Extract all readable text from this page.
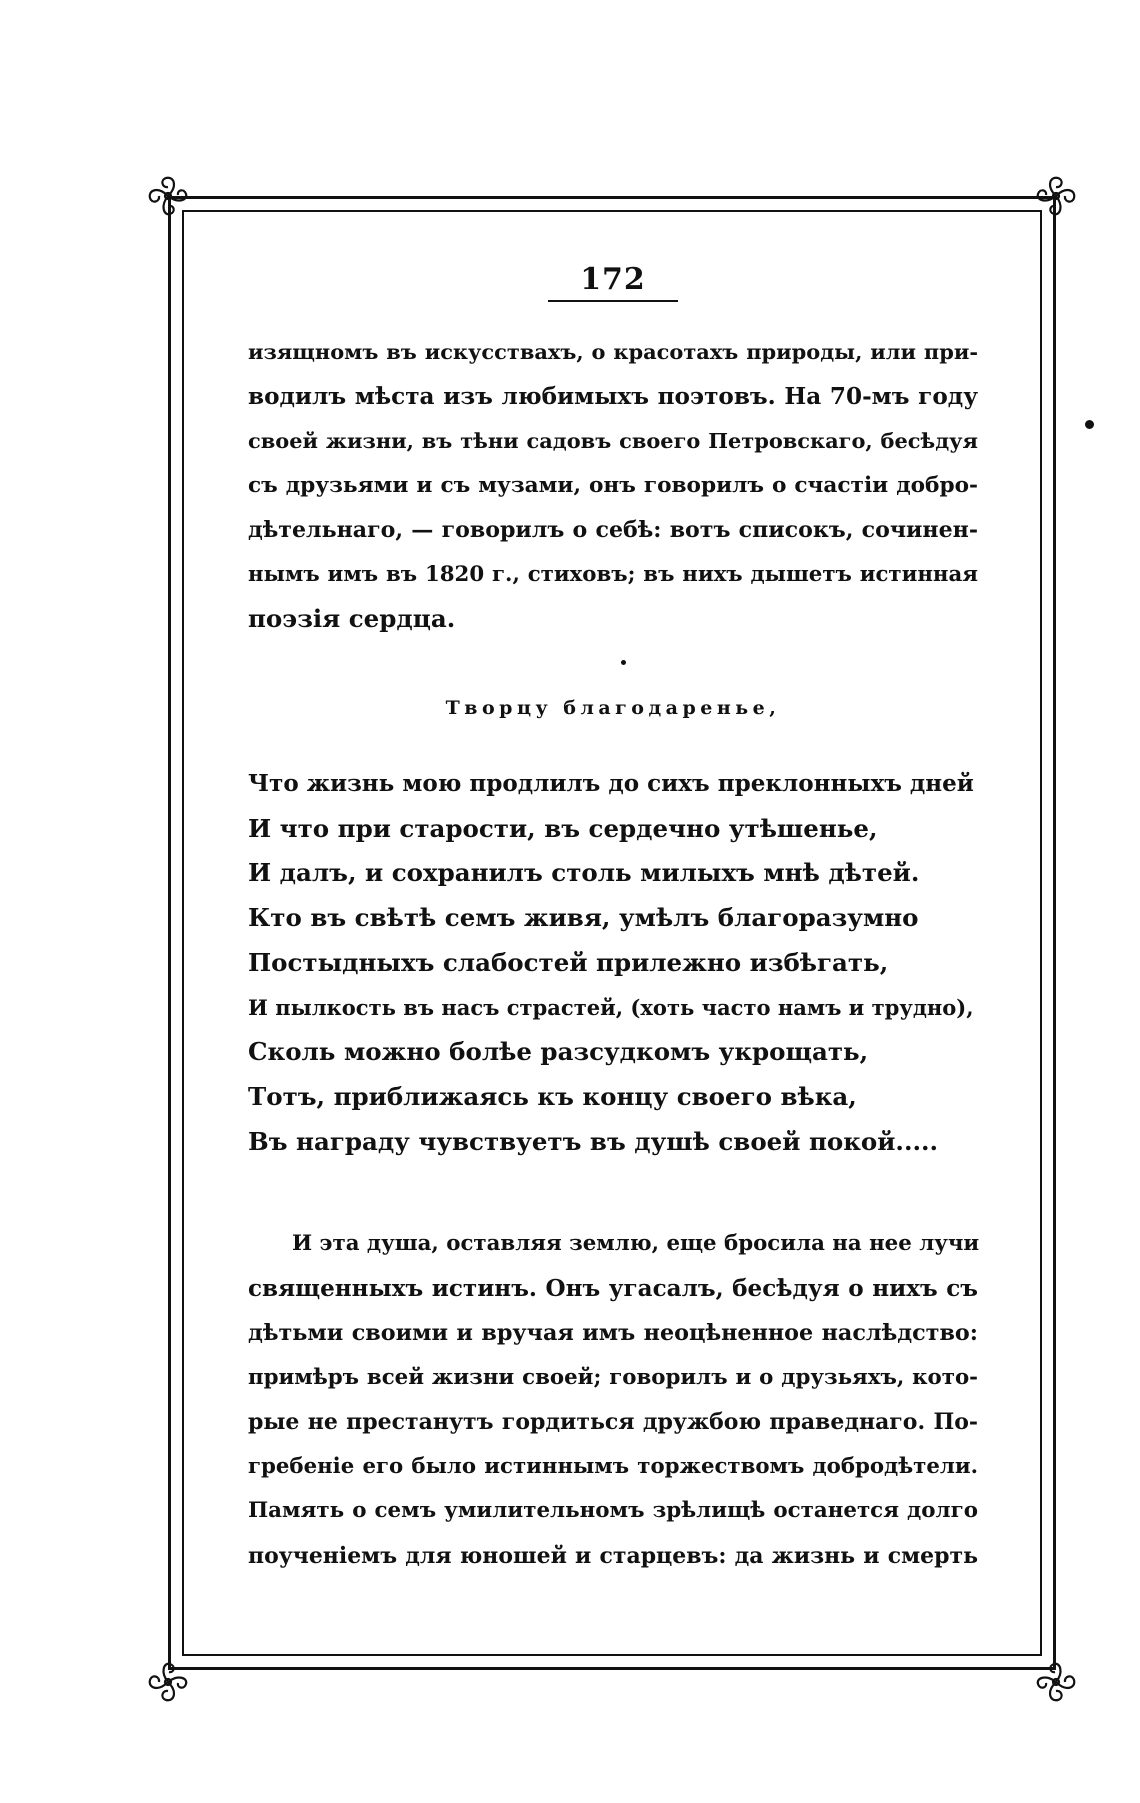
172
изящномъ въ искусствахъ, о красотахъ природы, или при-
водилъ мѣста изъ любимыхъ поэтовъ. На 70-мъ году
своей жизни, въ тѣни садовъ своего Петровскаго, бесѣдуя
съ друзьями и съ музами, онъ говорилъ о счастіи добро-
дѣтельнаго, — говорилъ о себѣ: вотъ списокъ, сочинен-
нымъ имъ въ 1820 г., стиховъ; въ нихъ дышетъ истинная
поэзія сердца.
Творцу благодаренье,
Что жизнь мою продлилъ до сихъ преклонныхъ дней
И что при старости, въ сердечно утѣшенье,
И далъ, и сохранилъ столь милыхъ мнѣ дѣтей.
Кто въ свѣтѣ семъ живя, умѣлъ благоразумно
Постыдныхъ слабостей прилежно избѣгать,
И пылкость въ насъ страстей, (хоть часто намъ и трудно),
Сколь можно болѣе разсудкомъ укрощать,
Тотъ, приближаясь къ концу своего вѣка,
Въ награду чувствуетъ въ душѣ своей покой.....
И эта душа, оставляя землю, еще бросила на нее лучи
священныхъ истинъ. Онъ угасалъ, бесѣдуя о нихъ съ
дѣтьми своими и вручая имъ неоцѣненное наслѣдство:
примѣръ всей жизни своей; говорилъ и о друзьяхъ, кото-
рые не престанутъ гордиться дружбою праведнаго. По-
гребеніе его было истиннымъ торжествомъ добродѣтели.
Память о семъ умилительномъ зрѣлищѣ останется долго
поученіемъ для юношей и старцевъ: да жизнь и смерть
